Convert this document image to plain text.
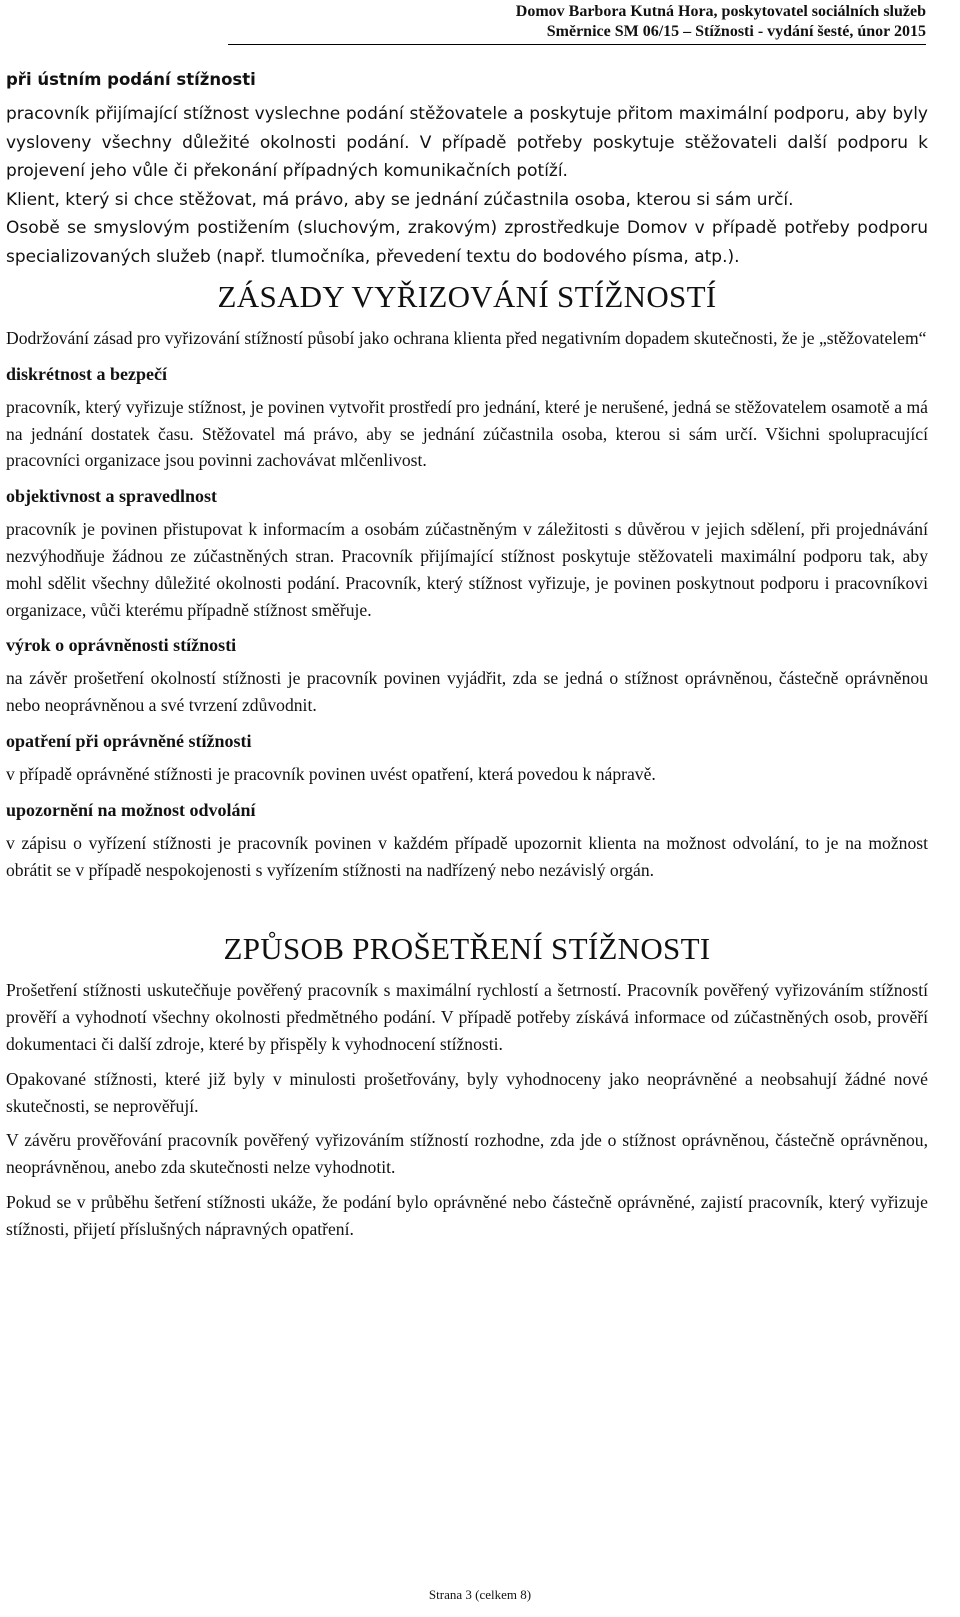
Domov Barbora Kutná Hora, poskytovatel sociálních služeb
Směrnice SM 06/15 – Stížnosti - vydání šesté, únor 2015
při ústním podání stížnosti

pracovník přijímající stížnost vyslechne podání stěžovatele a poskytuje přitom maximální podporu, aby byly vysloveny všechny důležité okolnosti podání. V případě potřeby poskytuje stěžovateli další podporu k projevení jeho vůle či překonání případných komunikačních potíží.

Klient, který si chce stěžovat, má právo, aby se jednání zúčastnila osoba, kterou si sám určí.

Osobě se smyslovým postižením (sluchovým, zrakovým) zprostředkuje Domov v případě potřeby podporu specializovaných služeb (např. tlumočníka, převedení textu do bodového písma, atp.).

ZÁSADY VYŘIZOVÁNÍ STÍŽNOSTÍ

Dodržování zásad pro vyřizování stížností působí jako ochrana klienta před negativním dopadem skutečnosti, že je „stěžovatelem“

diskrétnost a bezpečí

pracovník, který vyřizuje stížnost, je povinen vytvořit prostředí pro jednání, které je nerušené, jedná se stěžovatelem osamotě a má na jednání dostatek času. Stěžovatel má právo, aby se jednání zúčastnila osoba, kterou si sám určí. Všichni spolupracující pracovníci organizace jsou povinni zachovávat mlčenlivost.

objektivnost a spravedlnost

pracovník je povinen přistupovat k informacím a osobám zúčastněným v záležitosti s důvěrou v jejich sdělení, při projednávání nezvýhodňuje žádnou ze zúčastněných stran. Pracovník přijímající stížnost poskytuje stěžovateli maximální podporu tak, aby mohl sdělit všechny důležité okolnosti podání. Pracovník, který stížnost vyřizuje, je povinen poskytnout podporu i pracovníkovi organizace, vůči kterému případně stížnost směřuje.

výrok o oprávněnosti stížnosti

na závěr prošetření okolností stížnosti je pracovník povinen vyjádřit, zda se jedná o stížnost oprávněnou, částečně oprávněnou nebo neoprávněnou a své tvrzení zdůvodnit.

opatření při oprávněné stížnosti

v případě oprávněné stížnosti je pracovník povinen uvést opatření, která povedou k nápravě.

upozornění na možnost odvolání

v zápisu o vyřízení stížnosti je pracovník povinen v každém případě upozornit klienta na možnost odvolání, to je na možnost obrátit se v případě nespokojenosti s vyřízením stížnosti na nadřízený nebo nezávislý orgán.

ZPŮSOB PROŠETŘENÍ STÍŽNOSTI

Prošetření stížnosti uskutečňuje pověřený pracovník s maximální rychlostí a šetrností. Pracovník pověřený vyřizováním stížností prověří a vyhodnotí všechny okolnosti předmětného podání. V případě potřeby získává informace od zúčastněných osob, prověří dokumentaci či další zdroje, které by přispěly k vyhodnocení stížnosti.

Opakované stížnosti, které již byly v minulosti prošetřovány, byly vyhodnoceny jako neoprávněné a neobsahují žádné nové skutečnosti, se neprověřují.

V závěru prověřování pracovník pověřený vyřizováním stížností rozhodne, zda jde o stížnost oprávněnou, částečně oprávněnou, neoprávněnou, anebo zda skutečnosti nelze vyhodnotit.

Pokud se v průběhu šetření stížnosti ukáže, že podání bylo oprávněné nebo částečně oprávněné, zajistí pracovník, který vyřizuje stížnosti, přijetí příslušných nápravných opatření.

Strana 3 (celkem 8)
